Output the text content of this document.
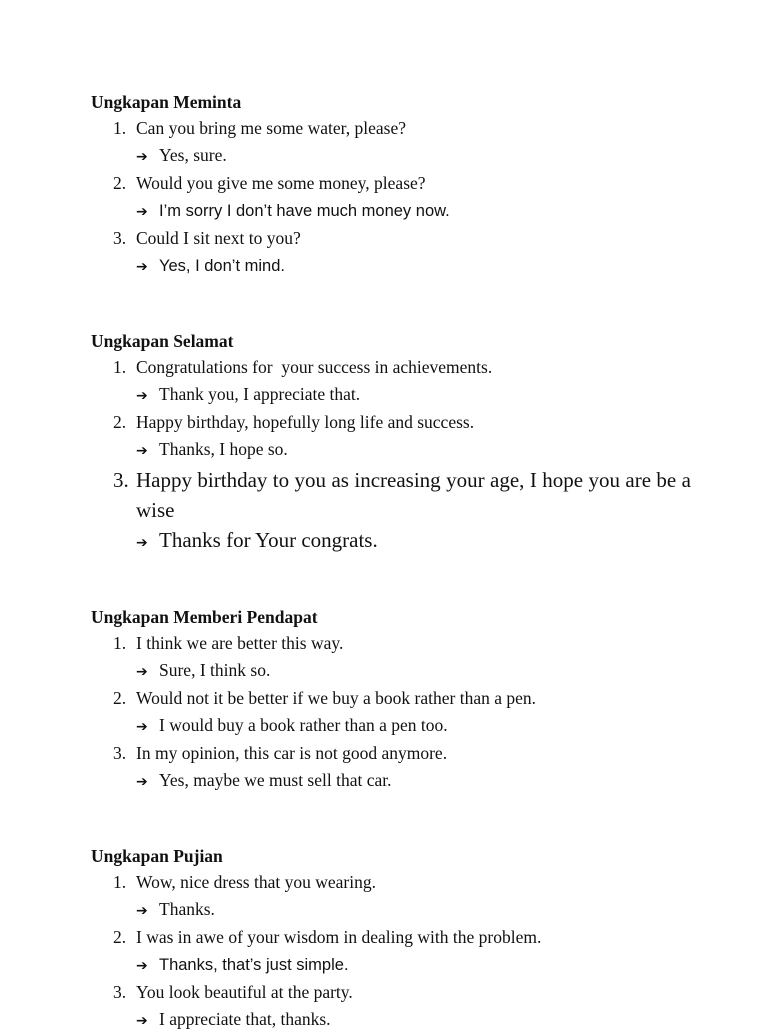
Ungkapan Meminta
1. Can you bring me some water, please?
➔ Yes, sure.
2. Would you give me some money, please?
➔ I’m sorry I don’t have much money now.
3. Could I sit next to you?
➔ Yes, I don’t mind.
Ungkapan Selamat
1. Congratulations for  your success in achievements.
➔ Thank you, I appreciate that.
2. Happy birthday, hopefully long life and success.
➔ Thanks, I hope so.
3. Happy birthday to you as increasing your age, I hope you are be a wise
➔ Thanks for Your congrats.
Ungkapan Memberi Pendapat
1. I think we are better this way.
➔ Sure, I think so.
2. Would not it be better if we buy a book rather than a pen.
➔ I would buy a book rather than a pen too.
3. In my opinion, this car is not good anymore.
➔ Yes, maybe we must sell that car.
Ungkapan Pujian
1. Wow, nice dress that you wearing.
➔ Thanks.
2. I was in awe of your wisdom in dealing with the problem.
➔ Thanks, that’s just simple.
3. You look beautiful at the party.
➔ I appreciate that, thanks.
